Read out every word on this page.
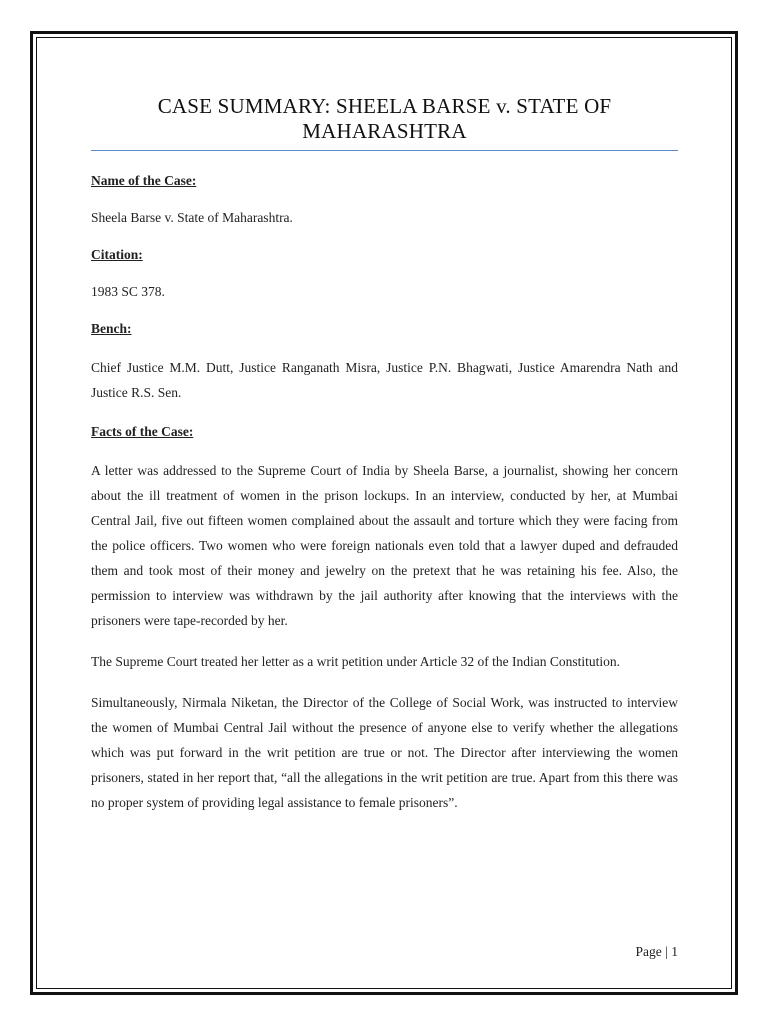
CASE SUMMARY: SHEELA BARSE v. STATE OF MAHARASHTRA
Name of the Case:

Sheela Barse v. State of Maharashtra.

Citation:

1983 SC 378.

Bench:

Chief Justice M.M. Dutt, Justice Ranganath Misra, Justice P.N. Bhagwati, Justice Amarendra Nath and Justice R.S. Sen.

Facts of the Case:

A letter was addressed to the Supreme Court of India by Sheela Barse, a journalist, showing her concern about the ill treatment of women in the prison lockups. In an interview, conducted by her, at Mumbai Central Jail, five out fifteen women complained about the assault and torture which they were facing from the police officers. Two women who were foreign nationals even told that a lawyer duped and defrauded them and took most of their money and jewelry on the pretext that he was retaining his fee. Also, the permission to interview was withdrawn by the jail authority after knowing that the interviews with the prisoners were tape-recorded by her.

The Supreme Court treated her letter as a writ petition under Article 32 of the Indian Constitution.

Simultaneously, Nirmala Niketan, the Director of the College of Social Work, was instructed to interview the women of Mumbai Central Jail without the presence of anyone else to verify whether the allegations which was put forward in the writ petition are true or not. The Director after interviewing the women prisoners, stated in her report that, “all the allegations in the writ petition are true. Apart from this there was no proper system of providing legal assistance to female prisoners”.

Page | 1
